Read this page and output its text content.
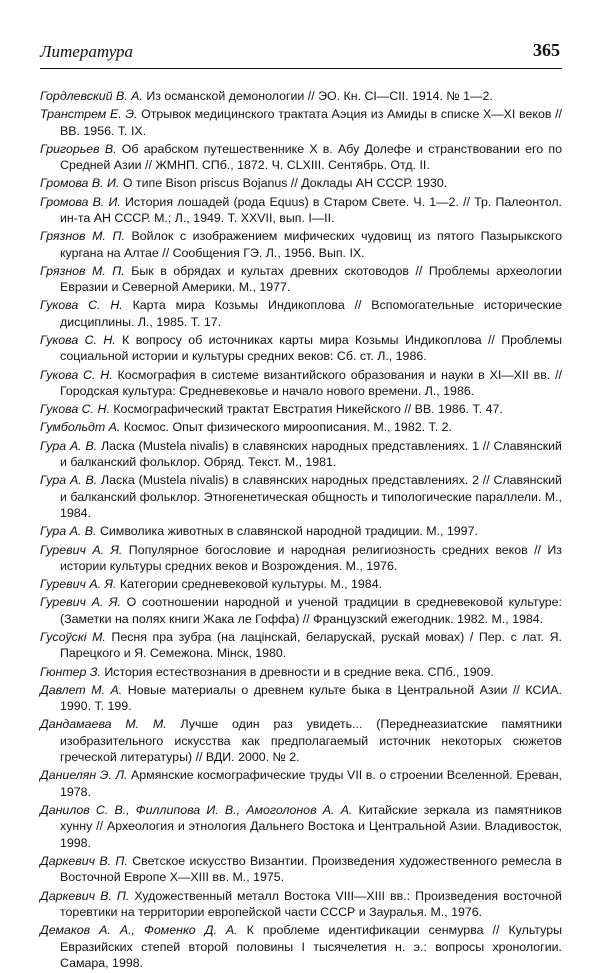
Литература	365

Гордлевский В. А. Из османской демонологии // ЭО. Кн. CI—CII. 1914. № 1—2.

Транстрем Е. Э. Отрывок медицинского трактата Аэция из Амиды в списке X—XI веков // ВВ. 1956. Т. IX.

Григорьев В. Об арабском путешественнике X в. Абу Долефе и странствовании его по Средней Азии // ЖМНП. СПб., 1872. Ч. CLXIII. Сентябрь. Отд. II.

Громова В. И. О типе Bison priscus Bojanus // Доклады АН СССР. 1930.

Громова В. И. История лошадей (рода Equus) в Старом Свете. Ч. 1—2. // Тр. Палеонтол. ин-та АН СССР. М.; Л., 1949. Т. XXVII, вып. I—II.

Грязнов М. П. Войлок с изображением мифических чудовищ из пятого Пазырыкского кургана на Алтае // Сообщения ГЭ. Л., 1956. Вып. IX.

Грязнов М. П. Бык в обрядах и культах древних скотоводов // Проблемы археологии Евразии и Северной Америки. М., 1977.

Гукова С. Н. Карта мира Козьмы Индикоплова // Вспомогательные исторические дисциплины. Л., 1985. Т. 17.

Гукова С. Н. К вопросу об источниках карты мира Козьмы Индикоплова // Проблемы социальной истории и культуры средних веков: Сб. ст. Л., 1986.

Гукова С. Н. Космография в системе византийского образования и науки в XI—XII вв. // Городская культура: Средневековье и начало нового времени. Л., 1986.

Гукова С. Н. Космографический трактат Евстратия Никейского // ВВ. 1986. Т. 47.

Гумбольдт А. Космос. Опыт физического мироописания. М., 1982. Т. 2.

Гура А. В. Ласка (Mustela nivalis) в славянских народных представлениях. 1 // Славянский и балканский фольклор. Обряд. Текст. М., 1981.

Гура А. В. Ласка (Mustela nivalis) в славянских народных представлениях. 2 // Славянский и балканский фольклор. Этногенетическая общность и типологические параллели. М., 1984.

Гура А. В. Символика животных в славянской народной традиции. М., 1997.

Гуревич А. Я. Популярное богословие и народная религиозность средних веков // Из истории культуры средних веков и Возрождения. М., 1976.

Гуревич А. Я. Категории средневековой культуры. М., 1984.

Гуревич А. Я. О соотношении народной и ученой традиции в средневековой культуре: (Заметки на полях книги Жака ле Гоффа) // Французский ежегодник. 1982. М., 1984.

Гусоўскі М. Песня пра зубра (на лацінскай, беларускай, рускай мовах) / Пер. с лат. Я. Парецкого и Я. Семежона. Мінск, 1980.

Гюнтер З. История естествознания в древности и в средние века. СПб., 1909.

Давлет М. А. Новые материалы о древнем культе быка в Центральной Азии // КСИА. 1990. Т. 199.

Дандамаева М. М. Лучше один раз увидеть... (Переднеазиатские памятники изобразительного искусства как предполагаемый источник некоторых сюжетов греческой литературы) // ВДИ. 2000. № 2.

Даниелян Э. Л. Армянские космографические труды VII в. о строении Вселенной. Ереван, 1978.

Данилов С. В., Филлипова И. В., Амоголонов А. А. Китайские зеркала из памятников хунну // Археология и этнология Дальнего Востока и Центральной Азии. Владивосток, 1998.

Даркевич В. П. Светское искусство Византии. Произведения художественного ремесла в Восточной Европе X—XIII вв. М., 1975.

Даркевич В. П. Художественный металл Востока VIII—XIII вв.: Произведения восточной торевтики на территории европейской части СССР и Зауралья. М., 1976.

Демаков А. А., Фоменко Д. А. К проблеме идентификации сенмурва // Культуры Евразийских степей второй половины I тысячелетия н. э.: вопросы хронологии. Самара, 1998.
